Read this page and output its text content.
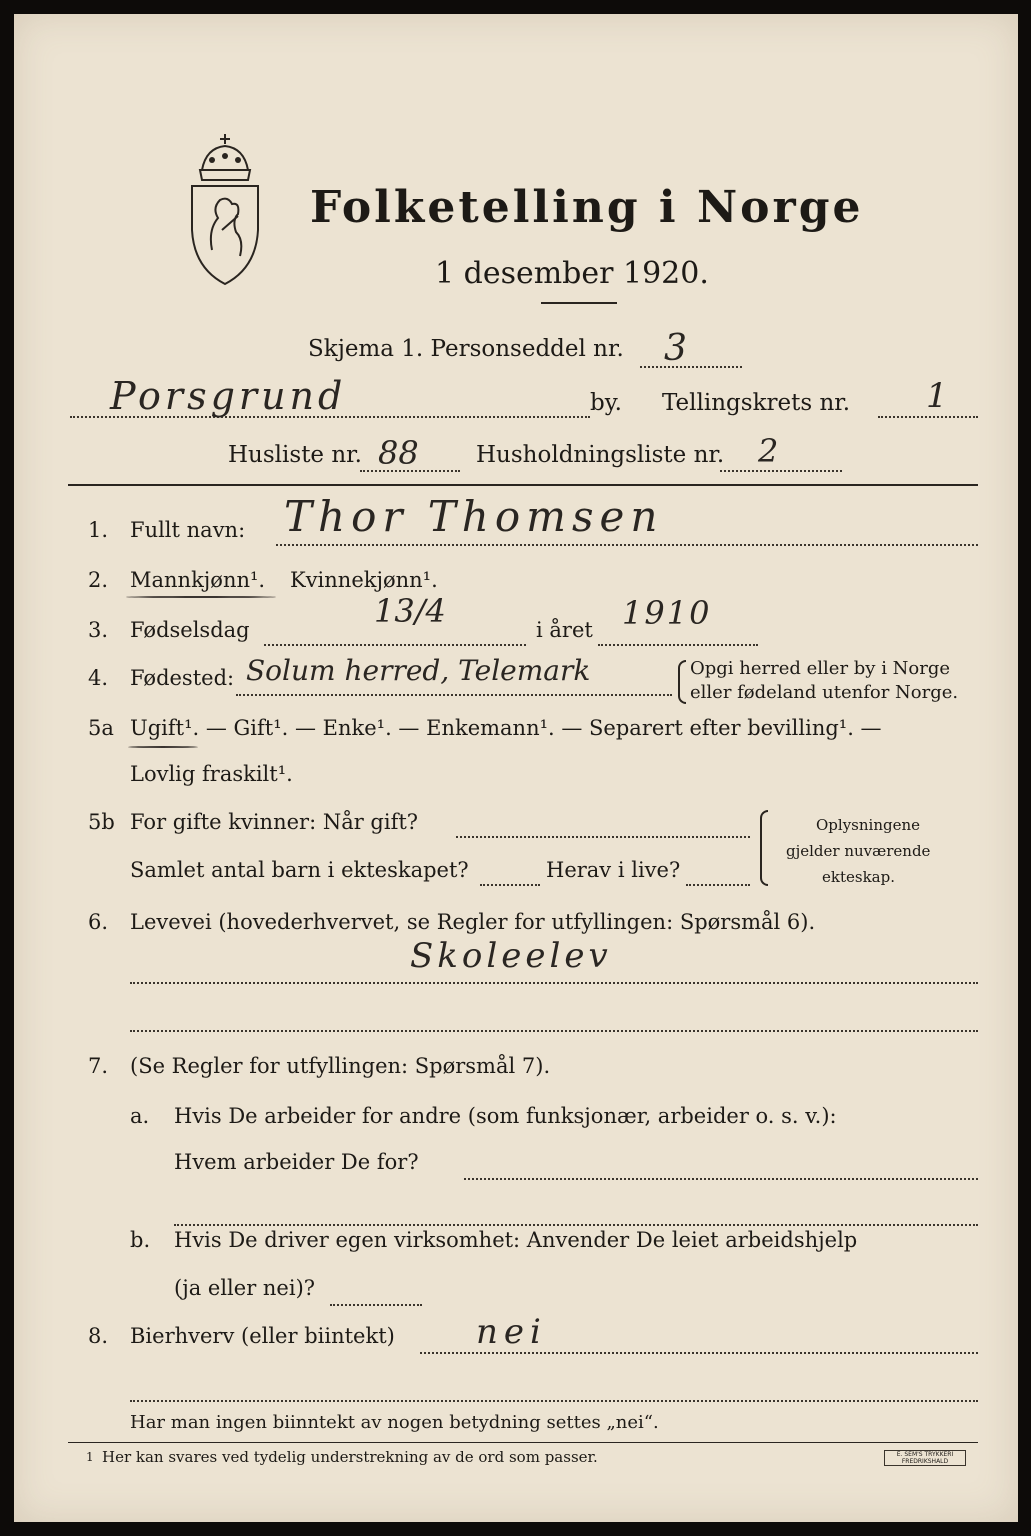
Folketelling i Norge
1 desember 1920.
Skjema 1. Personseddel nr. 3
Porsgrund	by. Tellingskrets nr. 1
Husliste nr. 88 Husholdningsliste nr. 2
1. Fullt navn: Thor Thomsen
2. Mannkjønn¹. Kvinnekjønn¹.
3. Fødselsdag	13/4	i året 1910
4. Fødested: Solum herred, Telemark	Opgi herred eller by i Norge
eller fødeland utenfor Norge.
5a Ugift¹. — Gift¹. — Enke¹. — Enkemann¹. — Separert efter bevilling¹. —
Lovlig fraskilt¹.
5b For gifte kvinner: Når gift?
Samlet antal barn i ekteskapet?	Herav i live?
Oplysningene
gjelder nuværende
ekteskap.
6. Levevei (hovederhvervet, se Regler for utfyllingen: Spørsmål 6).
Skoleelev
7. (Se Regler for utfyllingen: Spørsmål 7).
a. Hvis De arbeider for andre (som funksjonær, arbeider o. s. v.):
Hvem arbeider De for?
b. Hvis De driver egen virksomhet: Anvender De leiet arbeidshjelp
(ja eller nei)?
8. Bierhverv (eller biintekt) nei
Har man ingen biinntekt av nogen betydning settes „nei“.
1 Her kan svares ved tydelig understrekning av de ord som passer.	E. SEM'S TRYKKERI FREDRIKSHALD
